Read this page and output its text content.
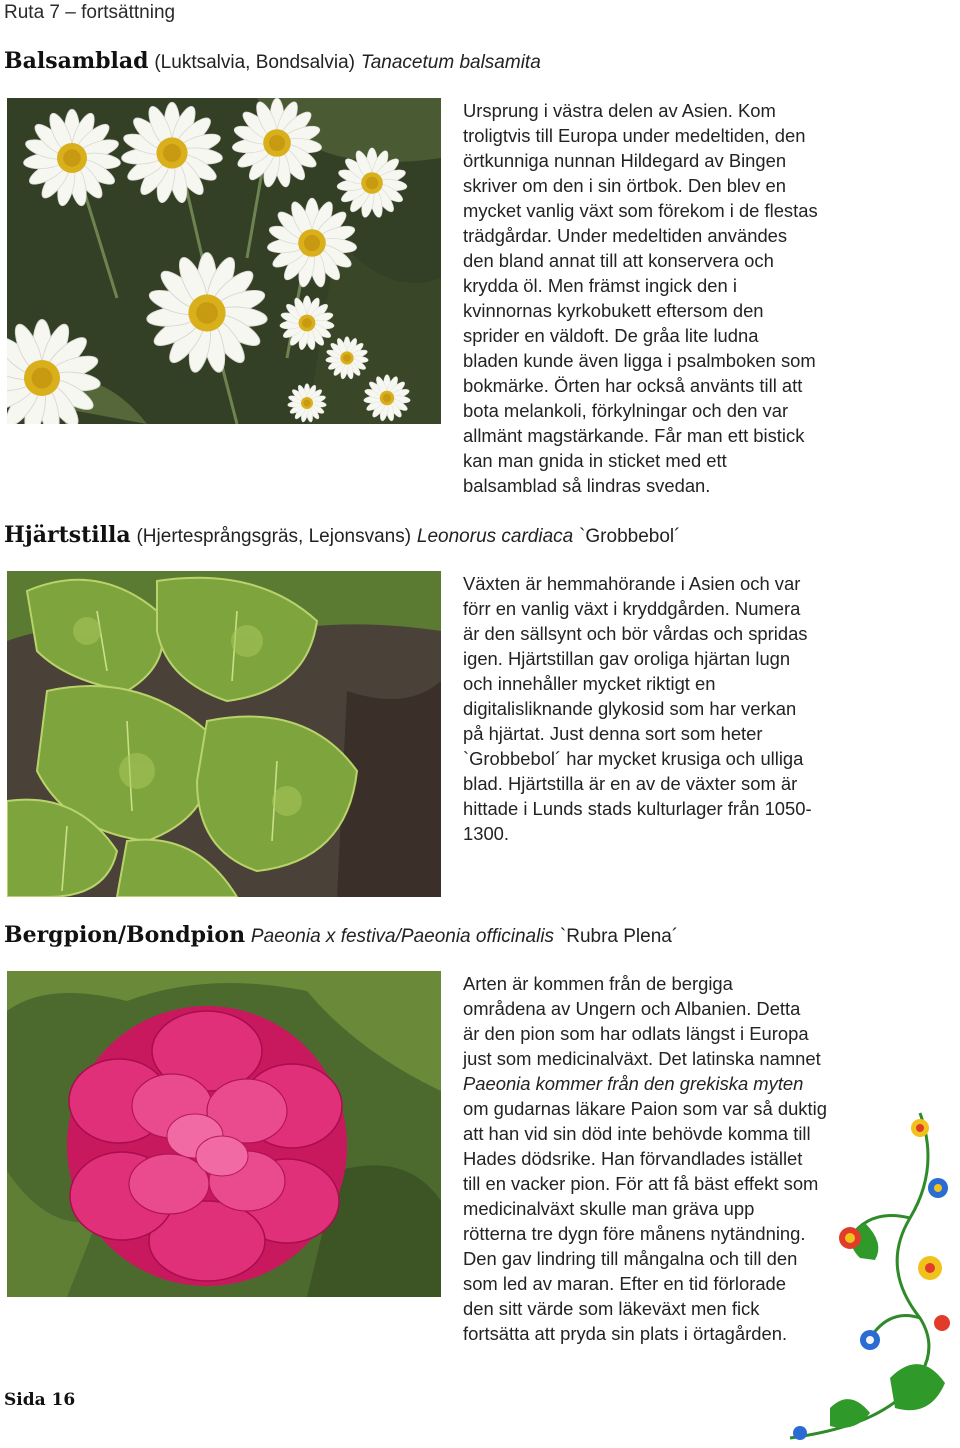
Ruta 7 – fortsättning
Balsamblad (Luktsalvia, Bondsalvia) Tanacetum balsamita
Ursprung i västra delen av Asien. Kom
troligtvis till Europa under medeltiden, den
örtkunniga nunnan Hildegard av Bingen
skriver om den i sin örtbok. Den blev en
mycket vanlig växt som förekom i de flestas
trädgårdar. Under medeltiden användes
den bland annat till att konservera och
krydda öl. Men främst ingick den i
kvinnornas kyrkobukett eftersom den
sprider en väldoft. De gråa lite ludna
bladen kunde även ligga i psalmboken som
bokmärke. Örten har också använts till att
bota melankoli, förkylningar och den var
allmänt magstärkande. Får man ett bistick
kan man gnida in sticket med ett
balsamblad så lindras svedan.
Hjärtstilla (Hjertesprångsgräs, Lejonsvans) Leonorus cardiaca `Grobbebol´
Växten är hemmahörande i Asien och var
förr en vanlig växt i kryddgården. Numera
är den sällsynt och bör vårdas och spridas
igen. Hjärtstillan gav oroliga hjärtan lugn
och innehåller mycket riktigt en
digitalisliknande glykosid som har verkan
på hjärtat. Just denna sort som heter
`Grobbebol´ har mycket krusiga och ulliga
blad. Hjärtstilla är en av de växter som är
hittade i Lunds stads kulturlager från 1050-
1300.
Bergpion/Bondpion Paeonia x festiva/Paeonia officinalis `Rubra Plena´
Arten är kommen från de bergiga
områdena av Ungern och Albanien. Detta
är den pion som har odlats längst i Europa
just som medicinalväxt. Det latinska namnet
Paeonia kommer från den grekiska myten
om gudarnas läkare Paion som var så duktig
att han vid sin död inte behövde komma till
Hades dödsrike. Han förvandlades istället
till en vacker pion. För att få bäst effekt som
medicinalväxt skulle man gräva upp
rötterna tre dygn före månens nytändning.
Den gav lindring till mångalna och till den
som led av maran. Efter en tid förlorade
den sitt värde som läkeväxt men fick
fortsätta att pryda sin plats i örtagården.
Sida 16
